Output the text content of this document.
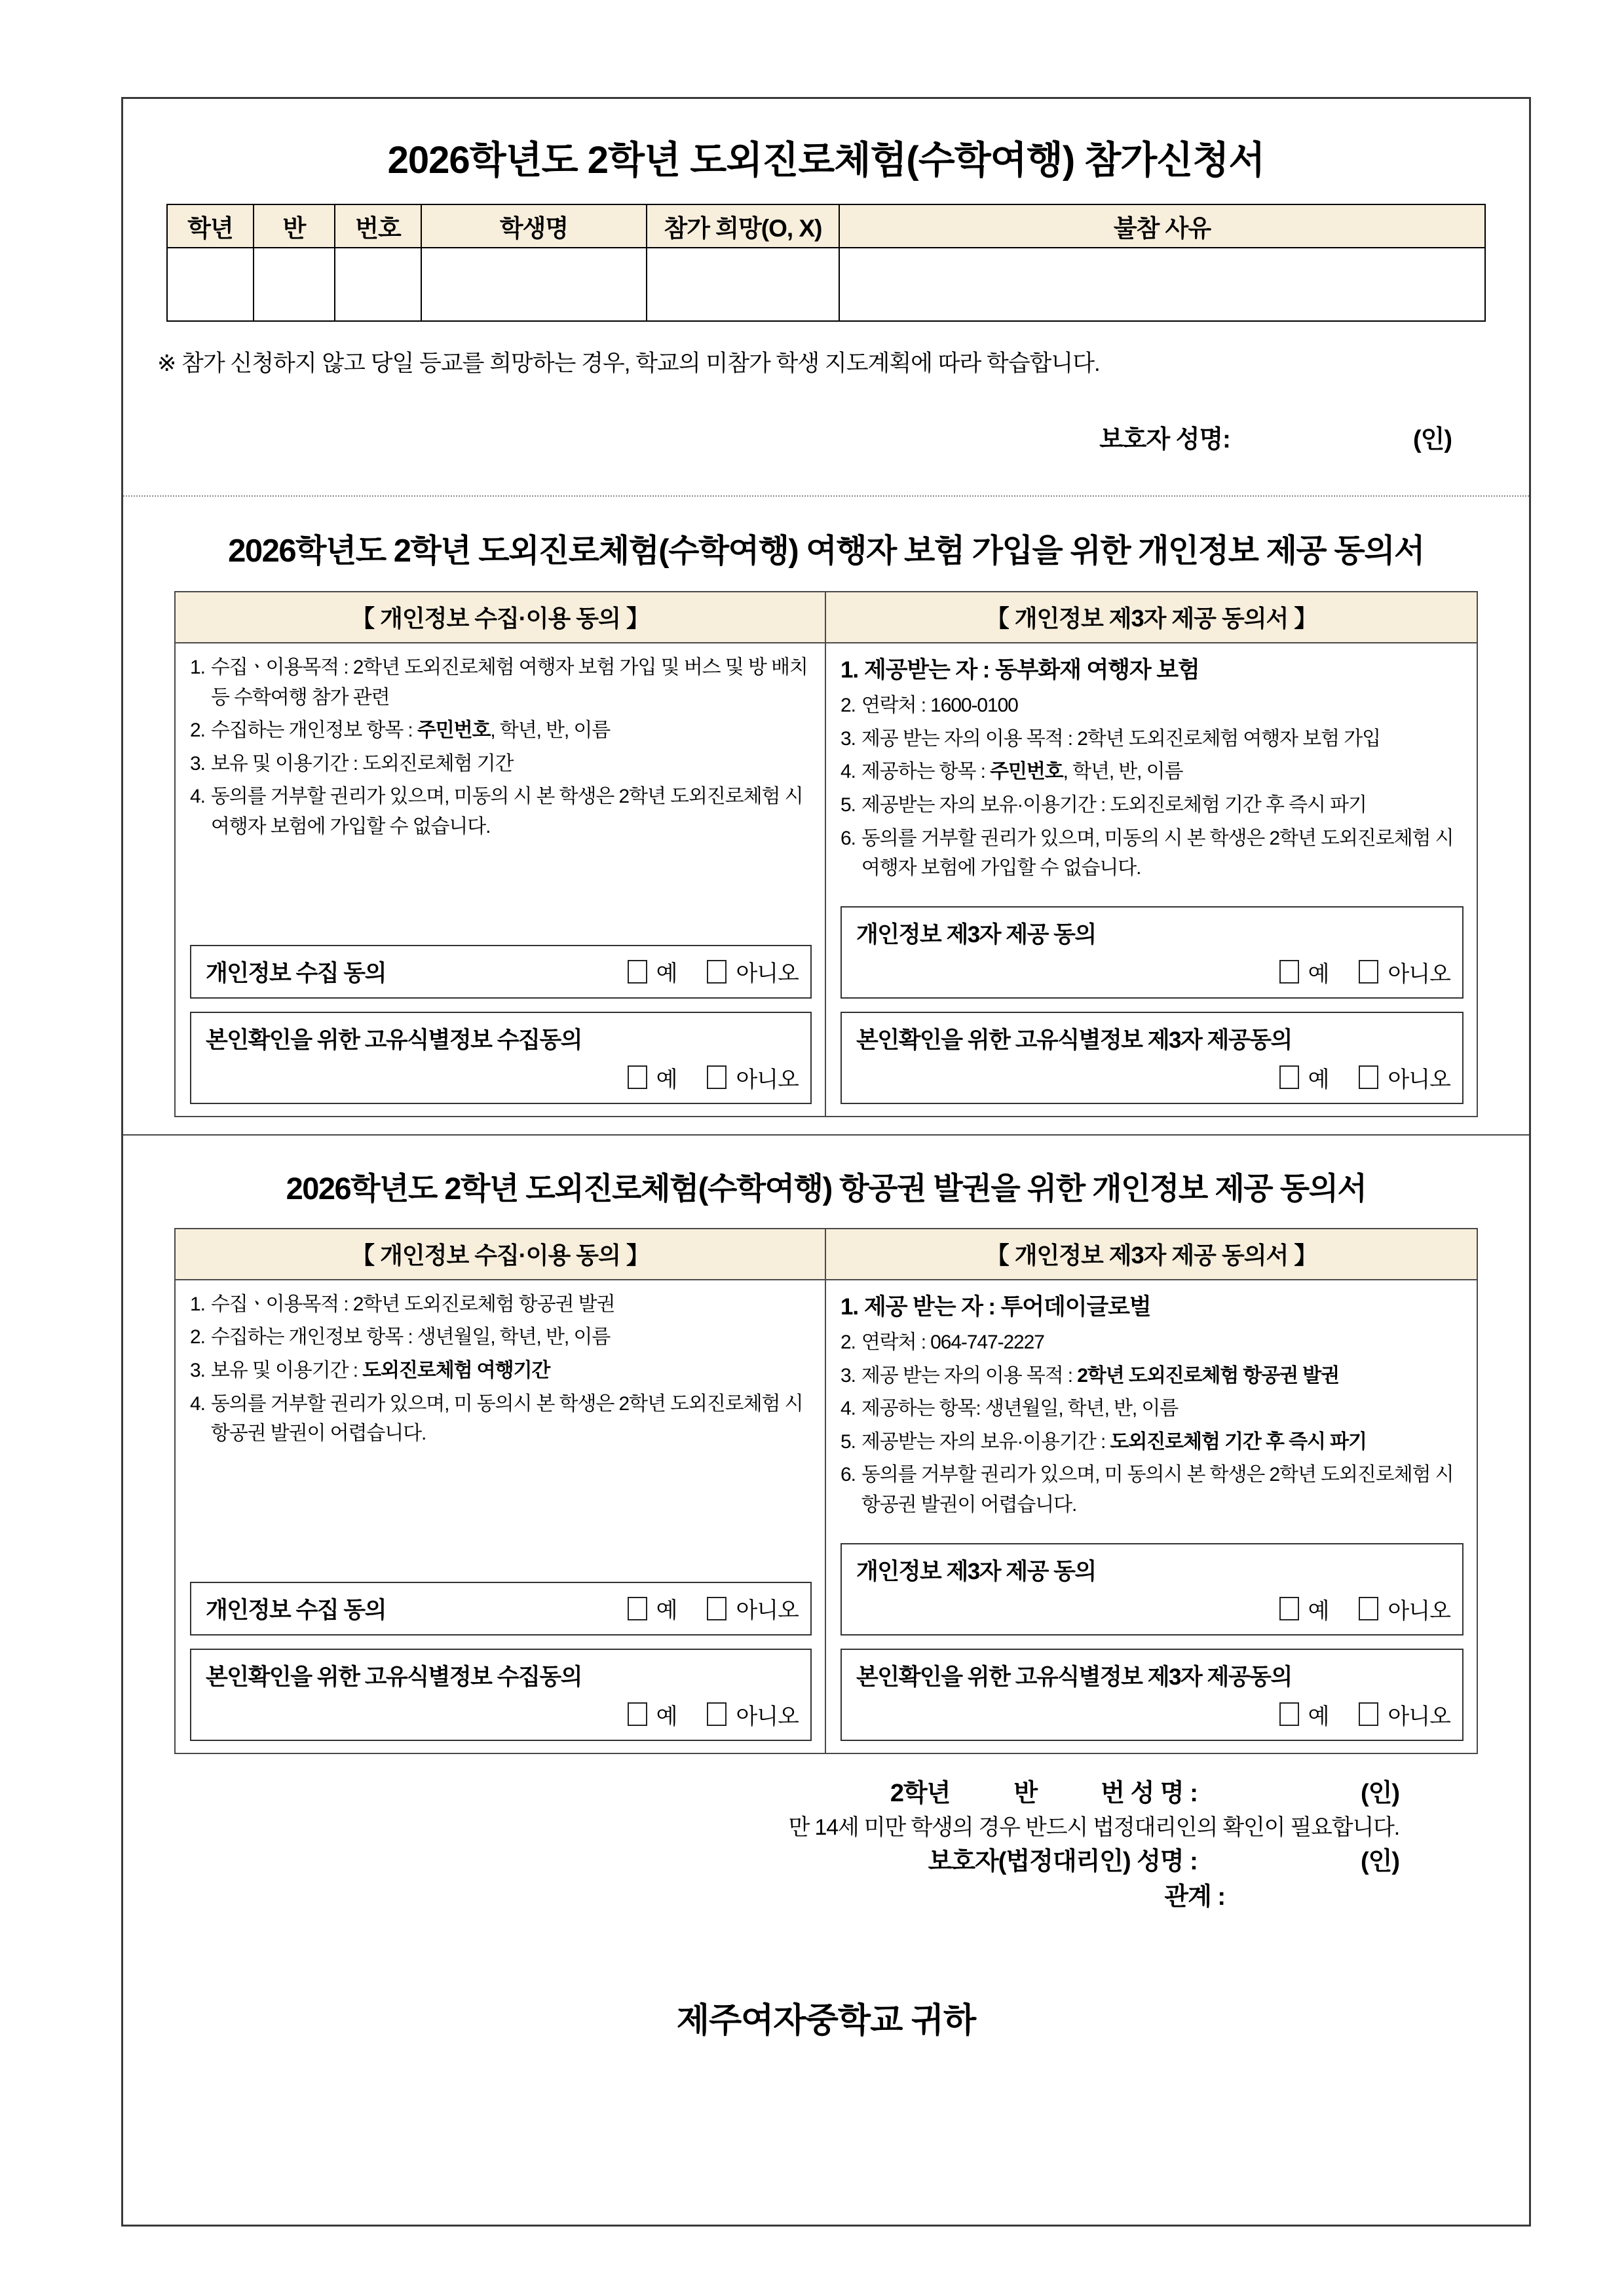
2026학년도 2학년 도외진로체험(수학여행) 참가신청서
학년	반	번호	학생명	참가 희망(O, X)	불참 사유

※ 참가 신청하지 않고 당일 등교를 희망하는 경우, 학교의 미참가 학생 지도계획에 따라 학습합니다.
보호자 성명:	(인)
2026학년도 2학년 도외진로체험(수학여행) 여행자 보험 가입을 위한 개인정보 제공 동의서
【 개인정보 수집·이용 동의 】
1. 수집ㆍ이용목적 : 2학년 도외진로체험 여행자 보험 가입 및 버스 및 방 배치 등 수학여행 참가 관련
2. 수집하는 개인정보 항목 : 주민번호, 학년, 반, 이름
3. 보유 및 이용기간 : 도외진로체험 기간
4. 동의를 거부할 권리가 있으며, 미동의 시 본 학생은 2학년 도외진로체험 시 여행자 보험에 가입할 수 없습니다.
개인정보 수집 동의	예	아니오
본인확인을 위한 고유식별정보 수집동의
예	아니오
【 개인정보 제3자 제공 동의서 】
1. 제공받는 자 : 동부화재 여행자 보험
2. 연락처 : 1600-0100
3. 제공 받는 자의 이용 목적 : 2학년 도외진로체험 여행자 보험 가입
4. 제공하는 항목 : 주민번호, 학년, 반, 이름
5. 제공받는 자의 보유·이용기간 : 도외진로체험 기간 후 즉시 파기
6. 동의를 거부할 권리가 있으며, 미동의 시 본 학생은 2학년 도외진로체험 시 여행자 보험에 가입할 수 없습니다.
개인정보 제3자 제공 동의
예	아니오
본인확인을 위한 고유식별정보 제3자 제공동의
예	아니오
2026학년도 2학년 도외진로체험(수학여행) 항공권 발권을 위한 개인정보 제공 동의서
【 개인정보 수집·이용 동의 】
1. 수집ㆍ이용목적 : 2학년 도외진로체험 항공권 발권
2. 수집하는 개인정보 항목 : 생년월일, 학년, 반, 이름
3. 보유 및 이용기간 : 도외진로체험 여행기간
4. 동의를 거부할 권리가 있으며, 미 동의시 본 학생은 2학년 도외진로체험 시 항공권 발권이 어렵습니다.
개인정보 수집 동의	예	아니오
본인확인을 위한 고유식별정보 수집동의
예	아니오
【 개인정보 제3자 제공 동의서 】
1. 제공 받는 자 : 투어데이글로벌
2. 연락처 : 064-747-2227
3. 제공 받는 자의 이용 목적 : 2학년 도외진로체험 항공권 발권
4. 제공하는 항목: 생년월일, 학년, 반, 이름
5. 제공받는 자의 보유·이용기간 : 도외진로체험 기간 후 즉시 파기
6. 동의를 거부할 권리가 있으며, 미 동의시 본 학생은 2학년 도외진로체험 시 항공권 발권이 어렵습니다.
개인정보 제3자 제공 동의
예	아니오
본인확인을 위한 고유식별정보 제3자 제공동의
예	아니오
2학년	반	번 성 명 :	(인)
만 14세 미만 학생의 경우 반드시 법정대리인의 확인이 필요합니다.
보호자(법정대리인) 성명 :	(인)
관계 :
제주여자중학교 귀하
